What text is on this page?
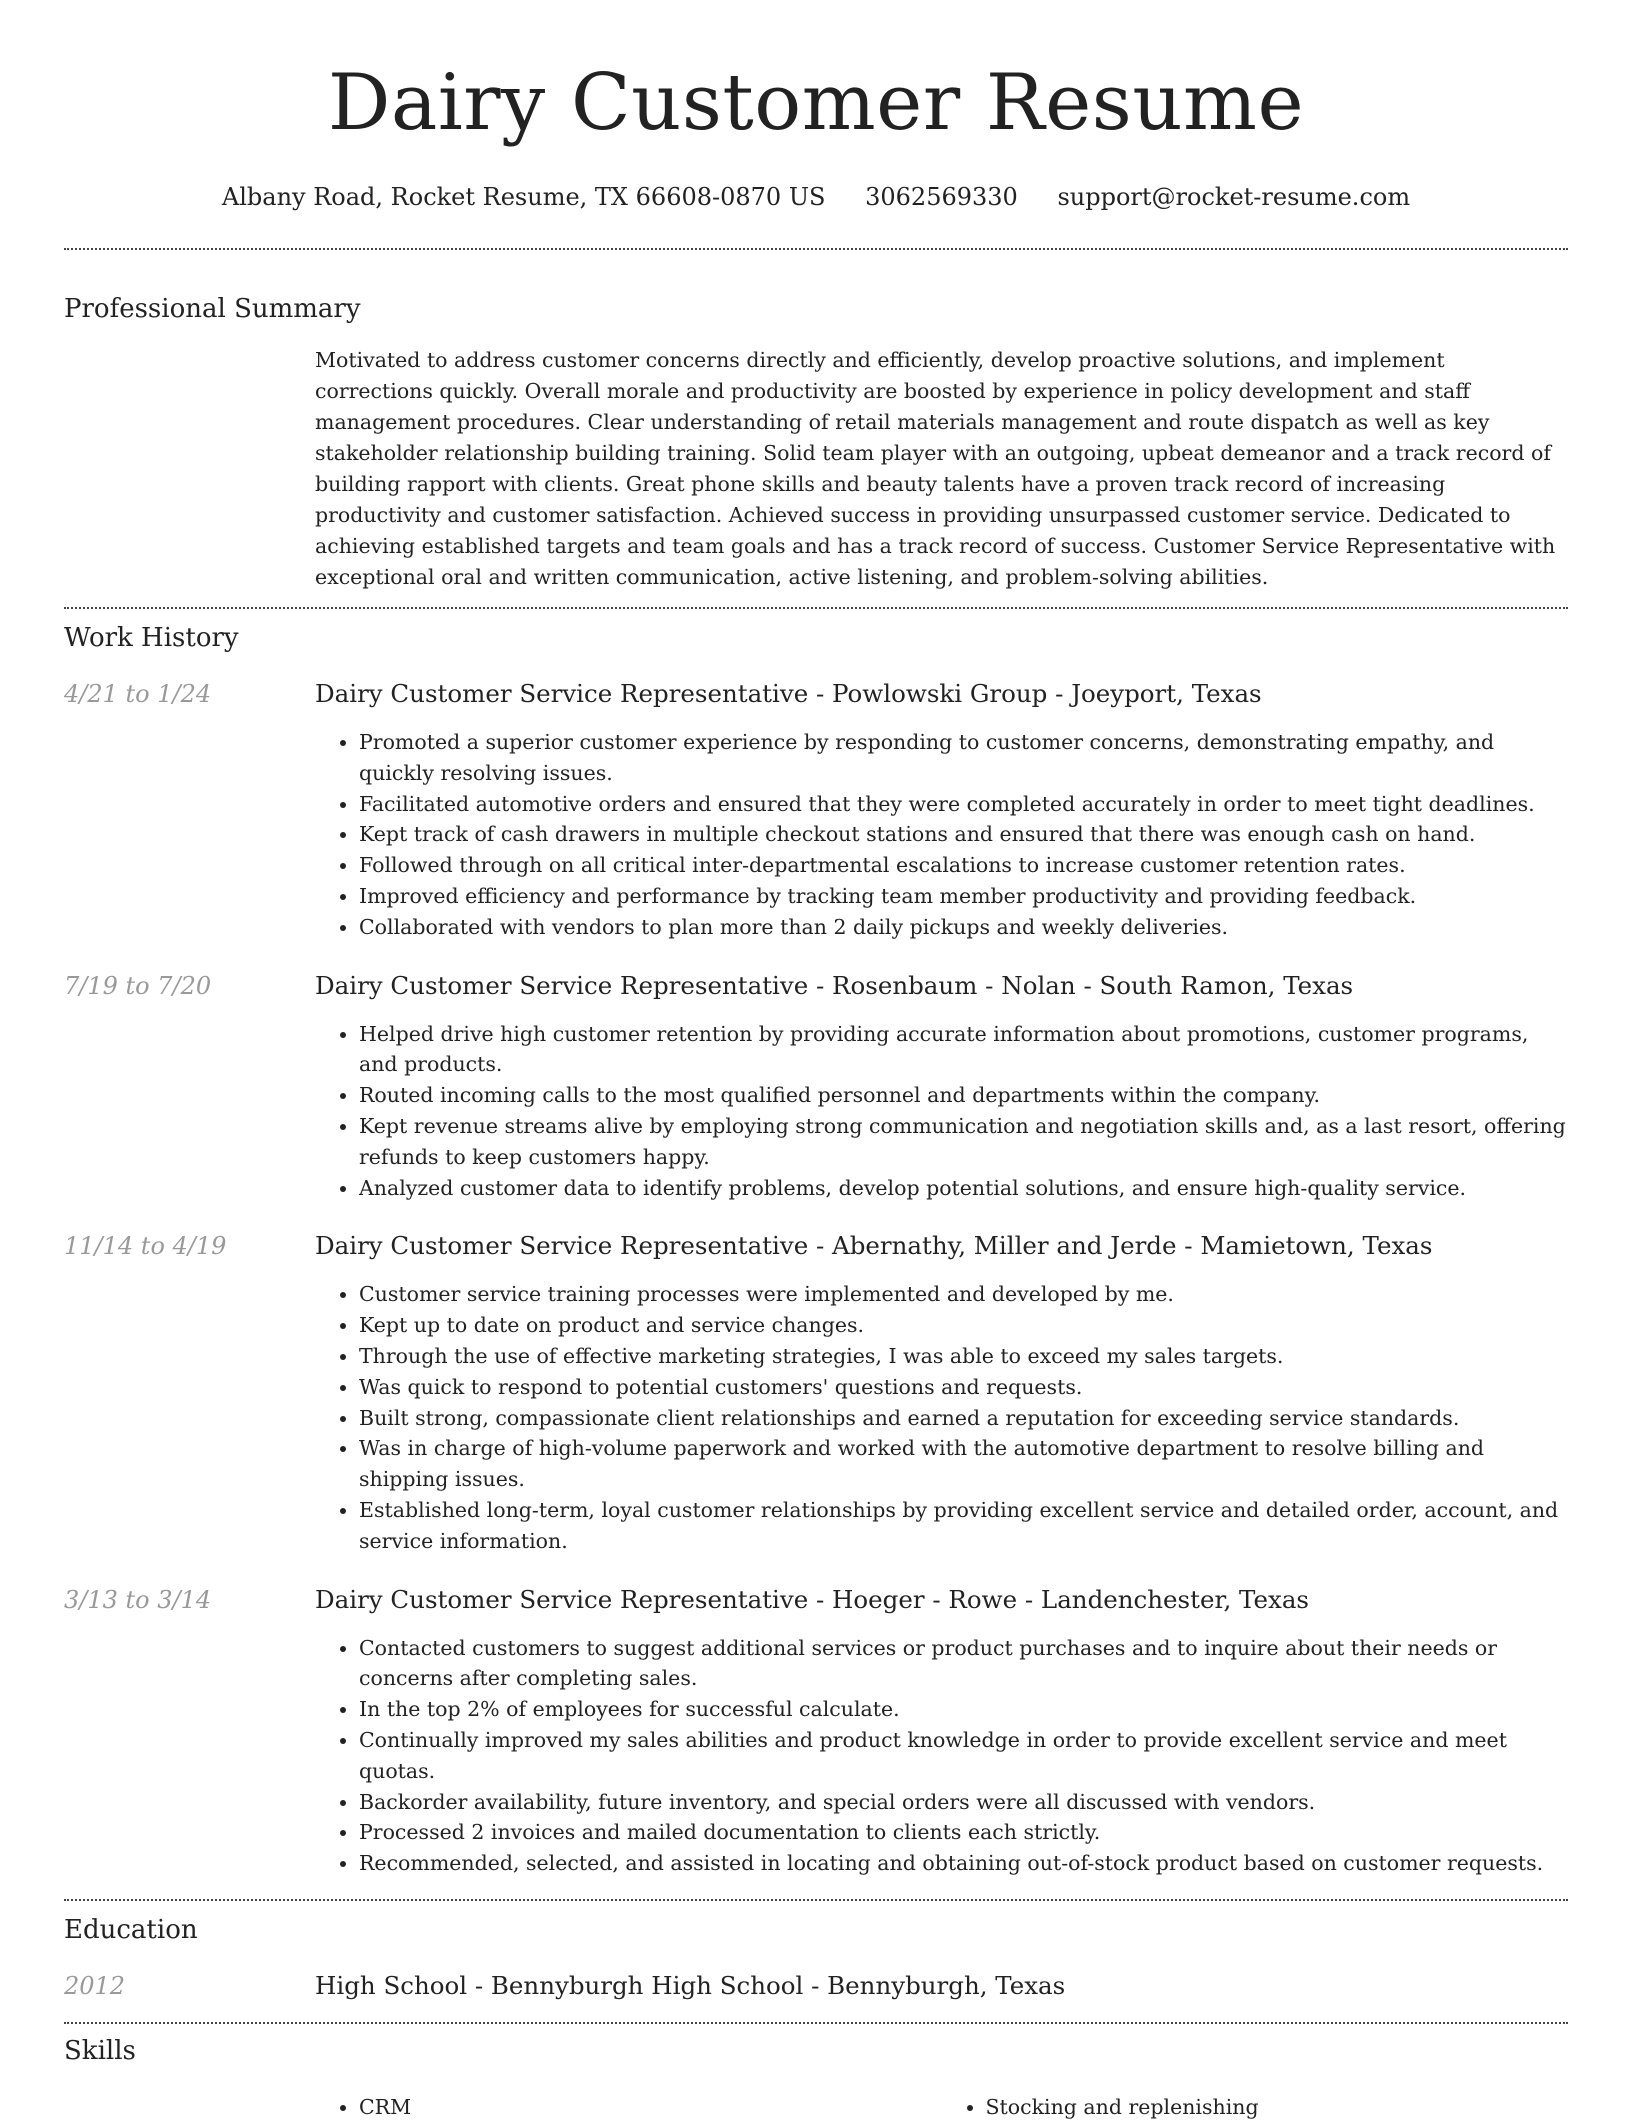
Dairy Customer Resume
Albany Road, Rocket Resume, TX 66608-0870 US 3062569330 support@rocket-resume.com
Professional Summary

Motivated to address customer concerns directly and efficiently, develop proactive solutions, and implement corrections quickly. Overall morale and productivity are boosted by experience in policy development and staff management procedures. Clear understanding of retail materials management and route dispatch as well as key stakeholder relationship building training. Solid team player with an outgoing, upbeat demeanor and a track record of building rapport with clients. Great phone skills and beauty talents have a proven track record of increasing productivity and customer satisfaction. Achieved success in providing unsurpassed customer service. Dedicated to achieving established targets and team goals and has a track record of success. Customer Service Representative with exceptional oral and written communication, active listening, and problem-solving abilities.

Work History
4/21 to 1/24	Dairy Customer Service Representative - Powlowski Group - Joeyport, Texas
• Promoted a superior customer experience by responding to customer concerns, demonstrating empathy, and quickly resolving issues.
• Facilitated automotive orders and ensured that they were completed accurately in order to meet tight deadlines.
• Kept track of cash drawers in multiple checkout stations and ensured that there was enough cash on hand.
• Followed through on all critical inter-departmental escalations to increase customer retention rates.
• Improved efficiency and performance by tracking team member productivity and providing feedback.
• Collaborated with vendors to plan more than 2 daily pickups and weekly deliveries.
7/19 to 7/20	Dairy Customer Service Representative - Rosenbaum - Nolan - South Ramon, Texas
• Helped drive high customer retention by providing accurate information about promotions, customer programs, and products.
• Routed incoming calls to the most qualified personnel and departments within the company.
• Kept revenue streams alive by employing strong communication and negotiation skills and, as a last resort, offering refunds to keep customers happy.
• Analyzed customer data to identify problems, develop potential solutions, and ensure high-quality service.
11/14 to 4/19	Dairy Customer Service Representative - Abernathy, Miller and Jerde - Mamietown, Texas
• Customer service training processes were implemented and developed by me.
• Kept up to date on product and service changes.
• Through the use of effective marketing strategies, I was able to exceed my sales targets.
• Was quick to respond to potential customers' questions and requests.
• Built strong, compassionate client relationships and earned a reputation for exceeding service standards.
• Was in charge of high-volume paperwork and worked with the automotive department to resolve billing and shipping issues.
• Established long-term, loyal customer relationships by providing excellent service and detailed order, account, and service information.
3/13 to 3/14	Dairy Customer Service Representative - Hoeger - Rowe - Landenchester, Texas
• Contacted customers to suggest additional services or product purchases and to inquire about their needs or concerns after completing sales.
• In the top 2% of employees for successful calculate.
• Continually improved my sales abilities and product knowledge in order to provide excellent service and meet quotas.
• Backorder availability, future inventory, and special orders were all discussed with vendors.
• Processed 2 invoices and mailed documentation to clients each strictly.
• Recommended, selected, and assisted in locating and obtaining out-of-stock product based on customer requests.
Education
2012	High School - Bennyburgh High School - Bennyburgh, Texas
Skills
• CRM
•	Stocking and replenishing
